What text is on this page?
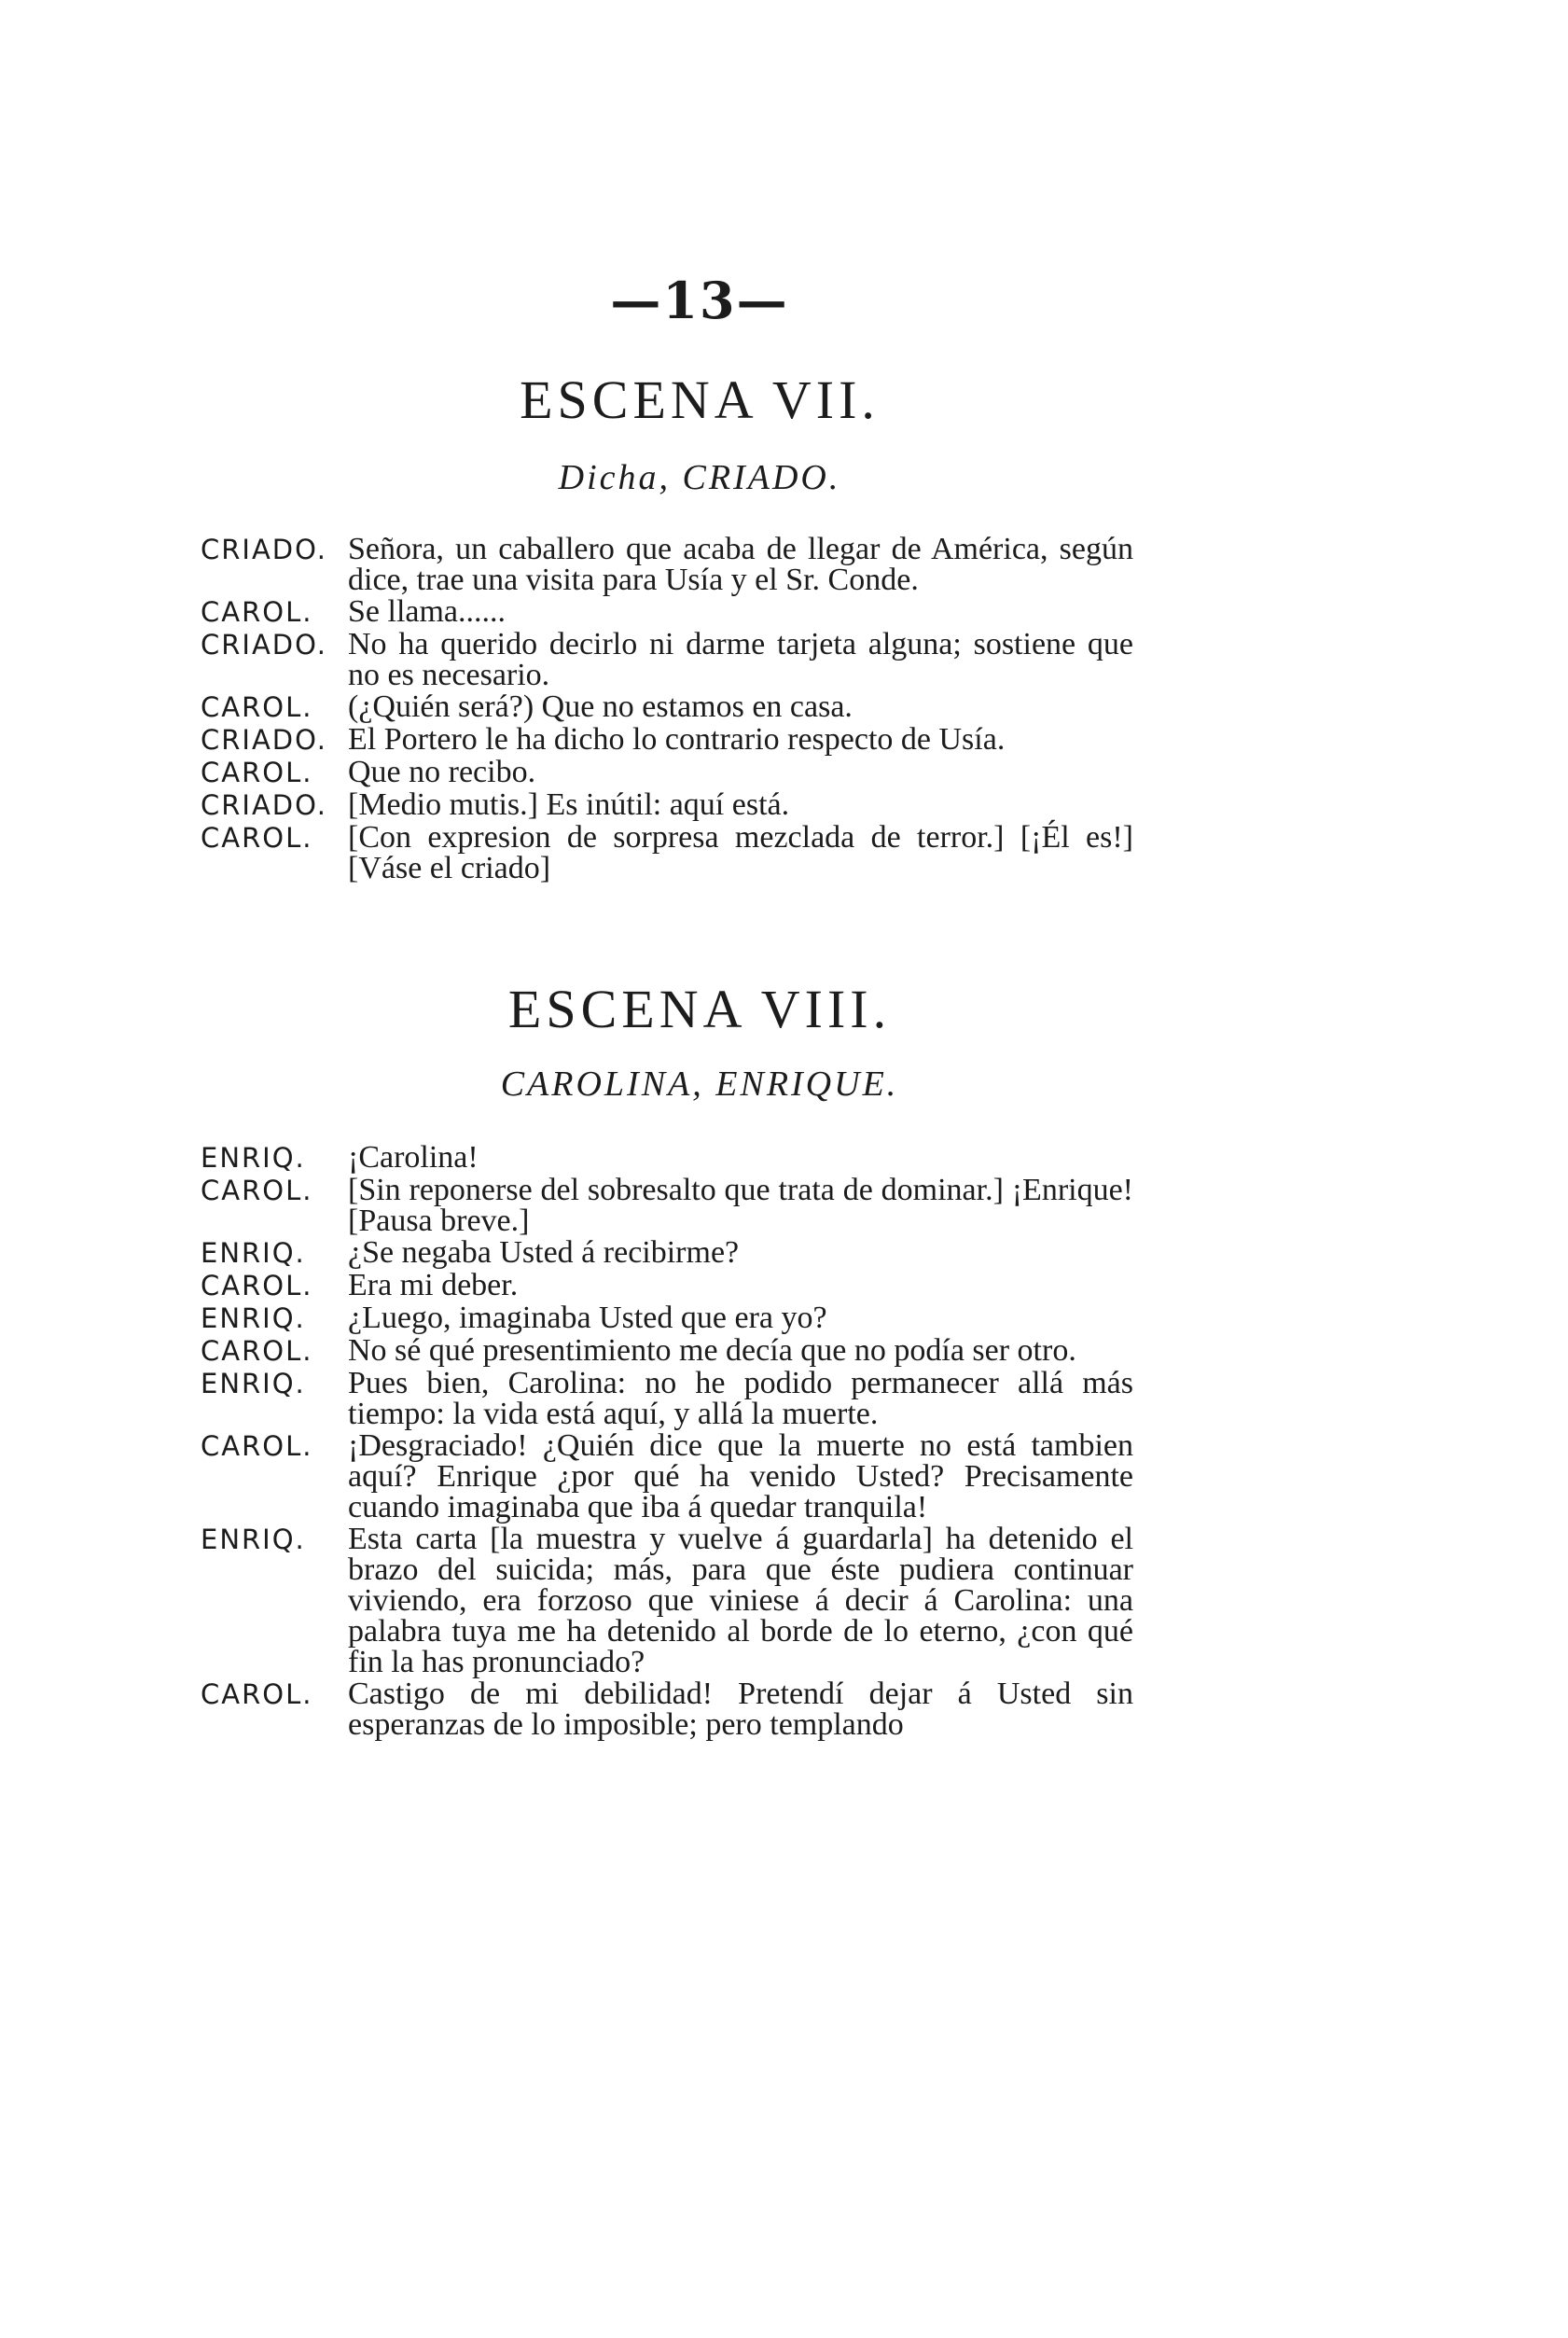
—13—
ESCENA VII.
Dicha, CRIADO.
CRIADO. Señora, un caballero que acaba de llegar de América, según dice, trae una visita para Usía y el Sr. Conde.
CAROL.	Se llama......
CRIADO. No ha querido decirlo ni darme tarjeta alguna; sostiene que no es necesario.
CAROL.	(¿Quién será?) Que no estamos en casa.
CRIADO. El Portero le ha dicho lo contrario respecto de Usía.
CAROL.	Que no recibo.
CRIADO. [Medio mutis.] Es inútil: aquí está.
CAROL.	[Con expresion de sorpresa mezclada de terror.] [¡Él es!] [Váse el criado]
ESCENA VIII.
CAROLINA, ENRIQUE.
ENRIQ.	¡Carolina!
CAROL.	[Sin reponerse del sobresalto que trata de dominar.] ¡Enrique! [Pausa breve.]
ENRIQ.	¿Se negaba Usted á recibirme?
CAROL.	Era mi deber.
ENRIQ.	¿Luego, imaginaba Usted que era yo?
CAROL.	No sé qué presentimiento me decía que no podía ser otro.
ENRIQ.	Pues bien, Carolina: no he podido permanecer allá más tiempo: la vida está aquí, y allá la muerte.
CAROL.	¡Desgraciado! ¿Quién dice que la muerte no está tambien aquí? Enrique ¿por qué ha venido Usted? Precisamente cuando imaginaba que iba á quedar tranquila!
ENRIQ.	Esta carta [la muestra y vuelve á guardarla] ha detenido el brazo del suicida; más, para que éste pudiera continuar viviendo, era forzoso que viniese á decir á Carolina: una palabra tuya me ha detenido al borde de lo eterno, ¿con qué fin la has pronunciado?
CAROL.	Castigo de mi debilidad! Pretendí dejar á Usted sin esperanzas de lo imposible; pero templando
